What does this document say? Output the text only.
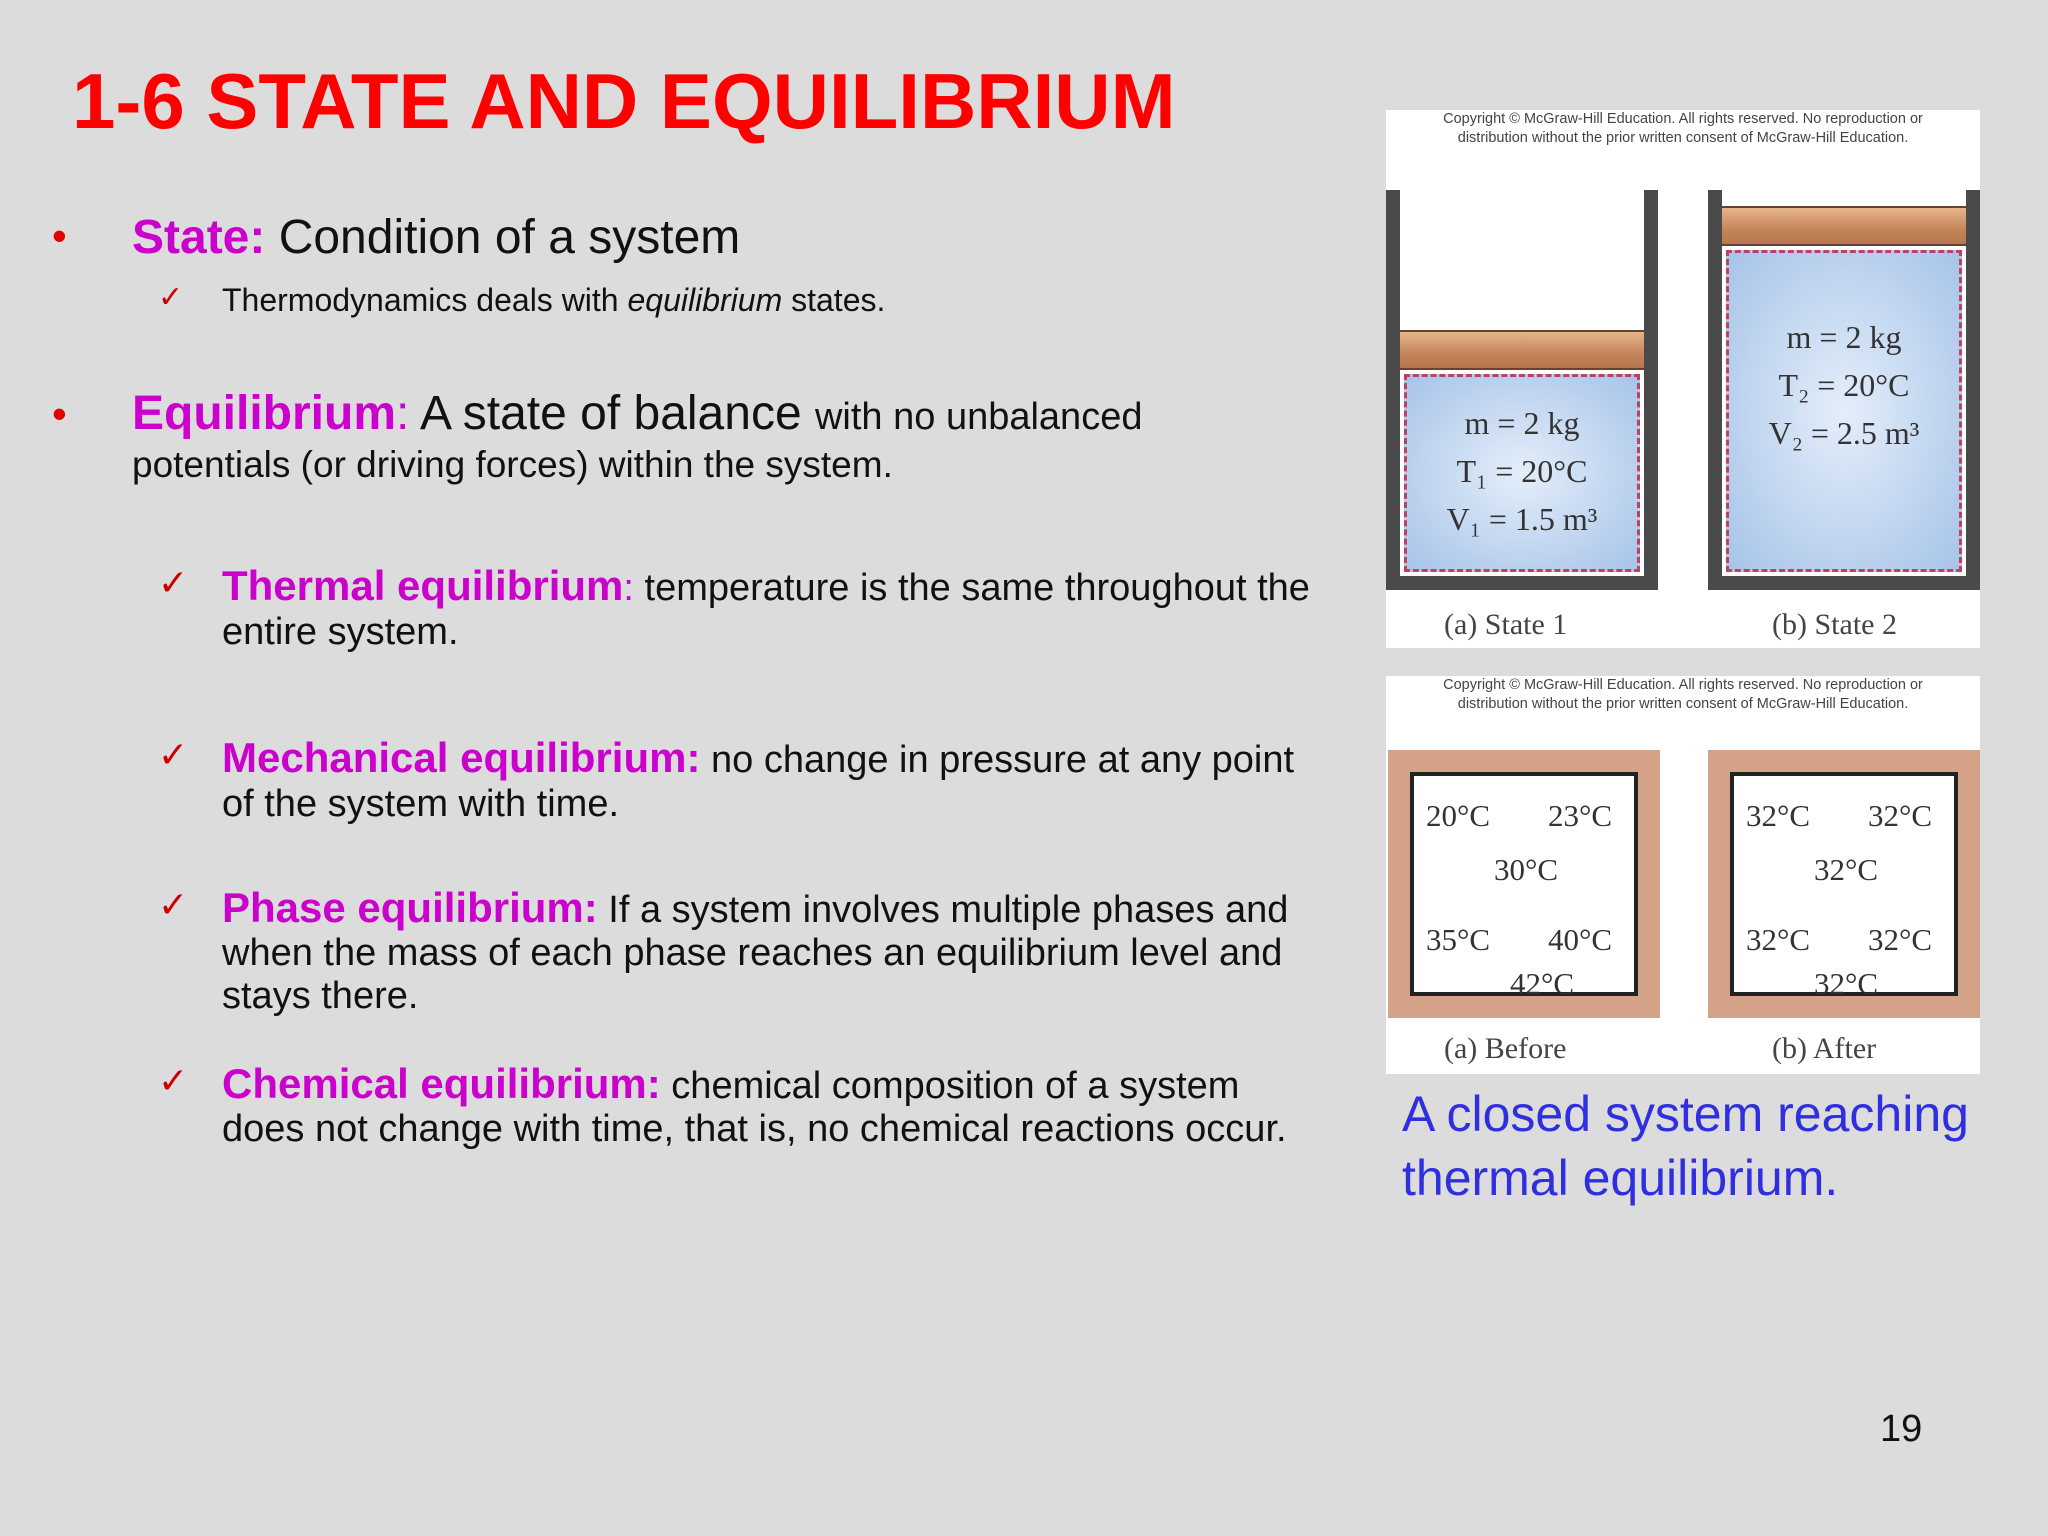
1-6 STATE AND EQUILIBRIUM
• State: Condition of a system
✓ Thermodynamics deals with equilibrium states.
• Equilibrium: A state of balance with no unbalanced
potentials (or driving forces) within the system.
✓ Thermal equilibrium: temperature is the same throughout the entire system.
✓ Mechanical equilibrium: no change in pressure at any point of the system with time.
✓ Phase equilibrium: If a system involves multiple phases and when the mass of each phase reaches an equilibrium level and stays there.
✓ Chemical equilibrium: chemical composition of a system does not change with time, that is, no chemical reactions occur.
Copyright © McGraw-Hill Education. All rights reserved. No reproduction or
distribution without the prior written consent of McGraw-Hill Education.
m = 2 kg
T₁ = 20°C
V₁ = 1.5 m³
(a) State 1
m = 2 kg
T₂ = 20°C
V₂ = 2.5 m³
(b) State 2
Copyright © McGraw-Hill Education. All rights reserved. No reproduction or
distribution without the prior written consent of McGraw-Hill Education.
20°C 23°C
30°C
35°C 40°C
42°C
(a) Before
32°C 32°C
32°C
32°C 32°C
32°C
(b) After
A closed system reaching thermal equilibrium.
19
